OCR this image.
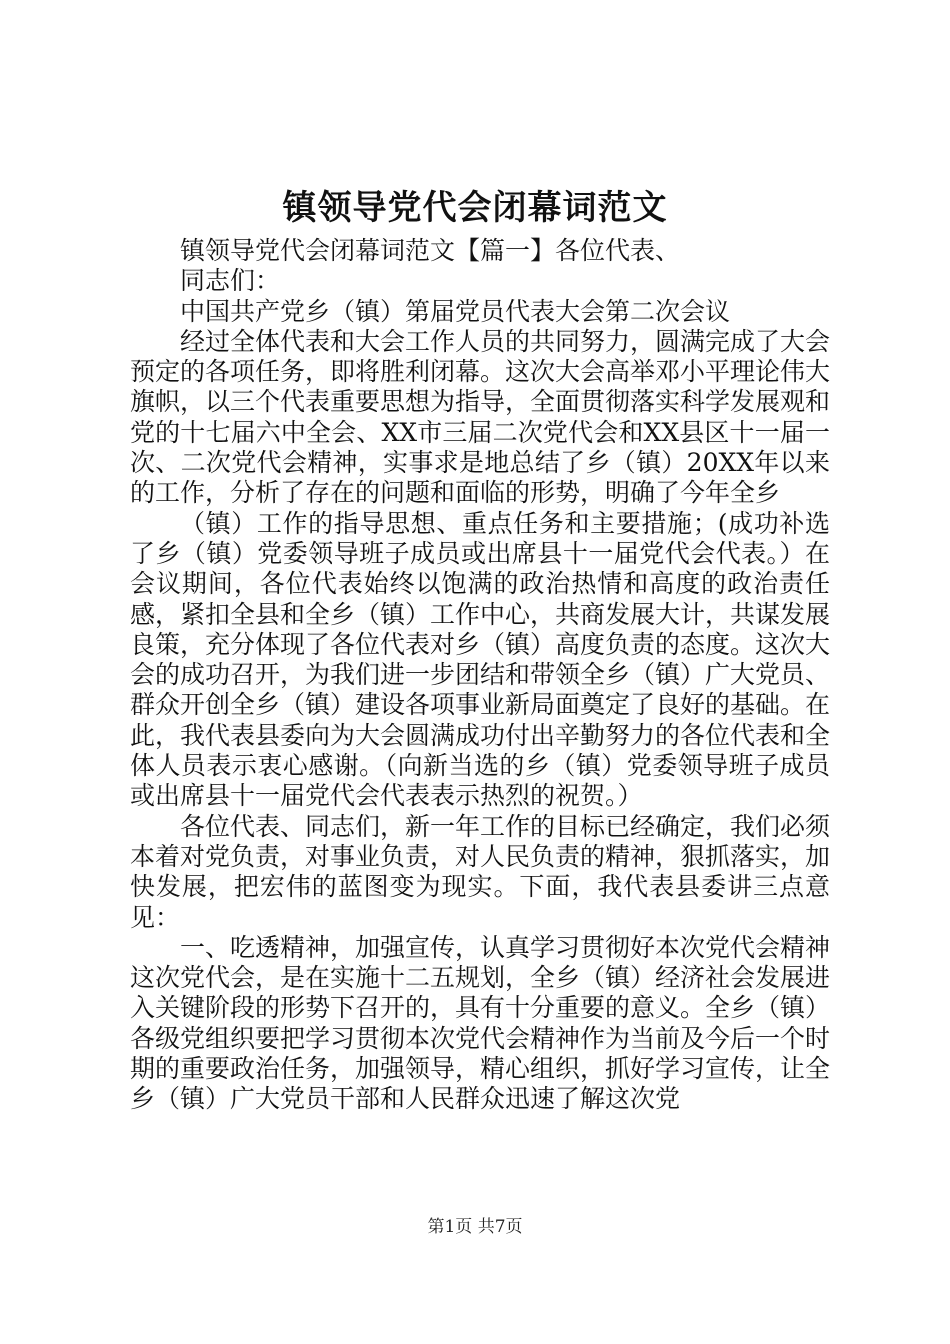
镇领导党代会闭幕词范文

镇领导党代会闭幕词范文【篇一】各位代表、

同志们：

中国共产党乡（镇）第届党员代表大会第二次会议

经过全体代表和大会工作人员的共同努力，圆满完成了大会预定的各项任务，即将胜利闭幕。这次大会高举邓小平理论伟大旗帜，以三个代表重要思想为指导，全面贯彻落实科学发展观和党的十七届六中全会、XX市三届二次党代会和XX县区十一届一次、二次党代会精神，实事求是地总结了乡（镇）20XX年以来的工作，分析了存在的问题和面临的形势，明确了今年全乡

（镇）工作的指导思想、重点任务和主要措施；(成功补选了乡（镇）党委领导班子成员或出席县十一届党代会代表。）在会议期间，各位代表始终以饱满的政治热情和高度的政治责任感，紧扣全县和全乡（镇）工作中心，共商发展大计，共谋发展良策，充分体现了各位代表对乡（镇）高度负责的态度。这次大会的成功召开，为我们进一步团结和带领全乡（镇）广大党员、群众开创全乡（镇）建设各项事业新局面奠定了良好的基础。在此，我代表县委向为大会圆满成功付出辛勤努力的各位代表和全体人员表示衷心感谢。（向新当选的乡（镇）党委领导班子成员或出席县十一届党代会代表表示热烈的祝贺。）

各位代表、同志们，新一年工作的目标已经确定，我们必须本着对党负责，对事业负责，对人民负责的精神，狠抓落实，加快发展，把宏伟的蓝图变为现实。下面，我代表县委讲三点意见：

一、吃透精神，加强宣传，认真学习贯彻好本次党代会精神这次党代会，是在实施十二五规划，全乡（镇）经济社会发展进入关键阶段的形势下召开的，具有十分重要的意义。全乡（镇）各级党组织要把学习贯彻本次党代会精神作为当前及今后一个时期的重要政治任务，加强领导，精心组织，抓好学习宣传，让全乡（镇）广大党员干部和人民群众迅速了解这次党

第1页 共7页
